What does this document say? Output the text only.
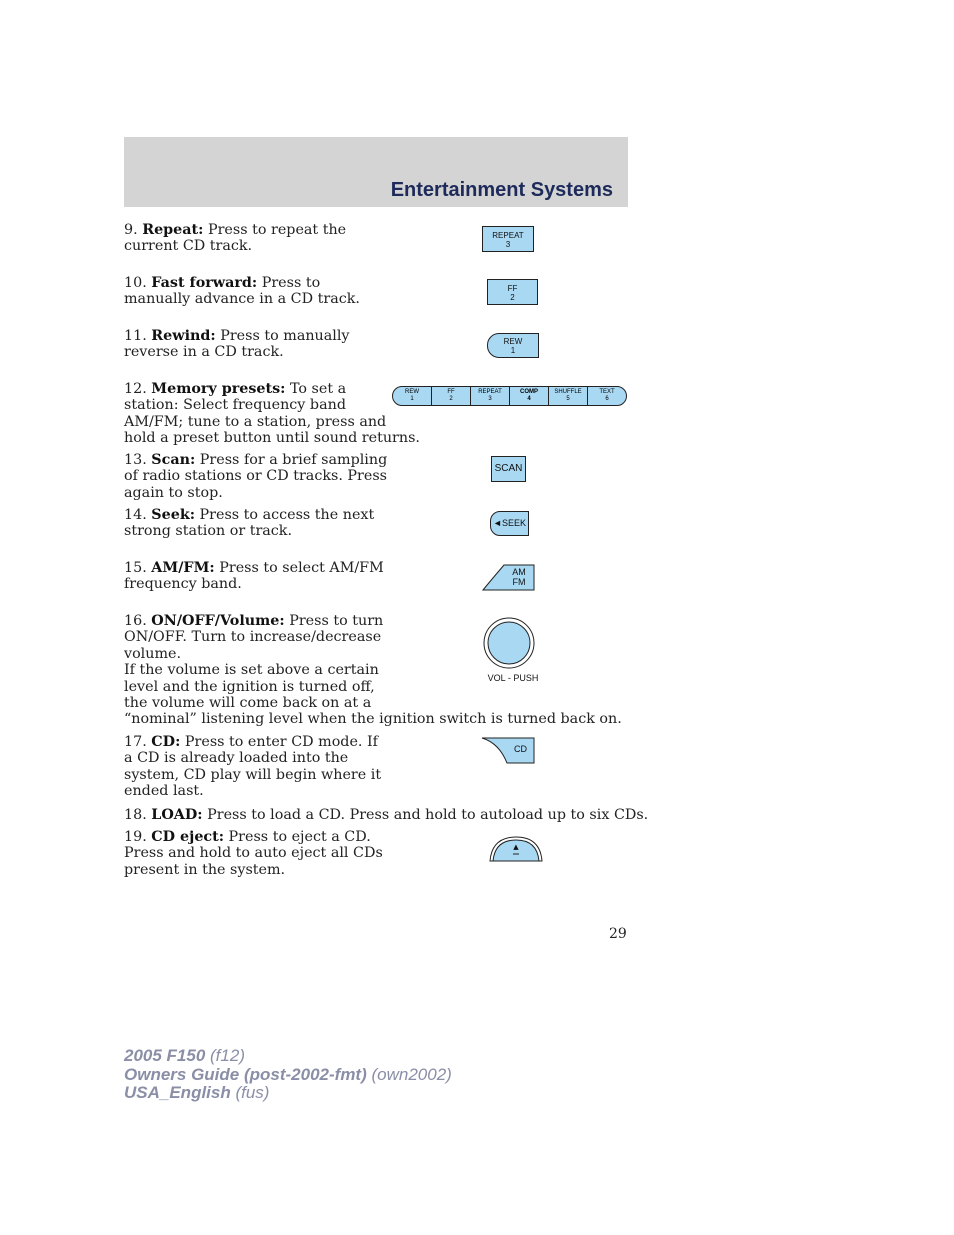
Entertainment Systems
9. Repeat: Press to repeat the
current CD track.
REPEAT
3
10. Fast forward: Press to
manually advance in a CD track.
FF
2
11. Rewind: Press to manually
reverse in a CD track.
REW
1
12. Memory presets: To set a
station: Select frequency band
AM/FM; tune to a station, press and
hold a preset button until sound returns.
REW
1
FF
2
REPEAT
3
COMP
4
SHUFFLE
5
TEXT
6
13. Scan: Press for a brief sampling
of radio stations or CD tracks. Press
again to stop.
SCAN
14. Seek: Press to access the next
strong station or track.
◄SEEK
15. AM/FM: Press to select AM/FM
frequency band.
AM
FM
16. ON/OFF/Volume: Press to turn
ON/OFF. Turn to increase/decrease
volume.
If the volume is set above a certain
level and the ignition is turned off,
the volume will come back on at a
“nominal” listening level when the ignition switch is turned back on.
VOL - PUSH
17. CD: Press to enter CD mode. If
a CD is already loaded into the
system, CD play will begin where it
ended last.
CD
18. LOAD: Press to load a CD. Press and hold to autoload up to six CDs.
19. CD eject: Press to eject a CD.
Press and hold to auto eject all CDs
present in the system.
▲
29
2005 F150 (f12)
Owners Guide (post-2002-fmt) (own2002)
USA_English (fus)
